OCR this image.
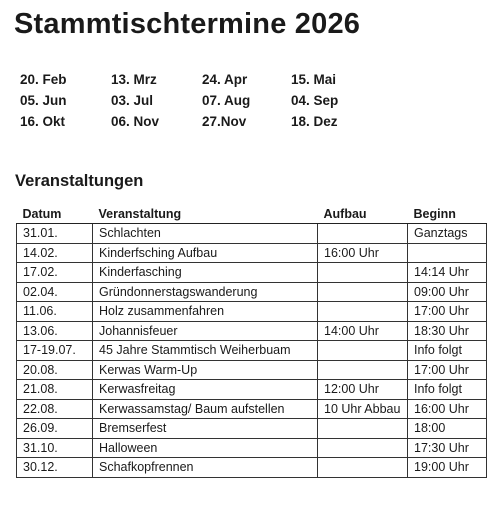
Stammtischtermine 2026
20. Feb	13. Mrz	24. Apr	15. Mai
05. Jun	03. Jul	07. Aug	04. Sep
16. Okt	06. Nov	27.Nov	18. Dez
Veranstaltungen
Datum	Veranstaltung	Aufbau	Beginn
31.01.	Schlachten		Ganztags
14.02.	Kinderfsching Aufbau	16:00 Uhr	
17.02.	Kinderfasching		14:14 Uhr
02.04.	Gründonnerstagswanderung		09:00 Uhr
11.06.	Holz zusammenfahren		17:00 Uhr
13.06.	Johannisfeuer	14:00 Uhr	18:30 Uhr
17-19.07.	45 Jahre Stammtisch Weiherbuam		Info folgt
20.08.	Kerwas Warm-Up		17:00 Uhr
21.08.	Kerwasfreitag	12:00 Uhr	Info folgt
22.08.	Kerwassamstag/ Baum aufstellen	10 Uhr Abbau	16:00 Uhr
26.09.	Bremserfest		18:00
31.10.	Halloween		17:30 Uhr
30.12.	Schafkopfrennen		19:00 Uhr
